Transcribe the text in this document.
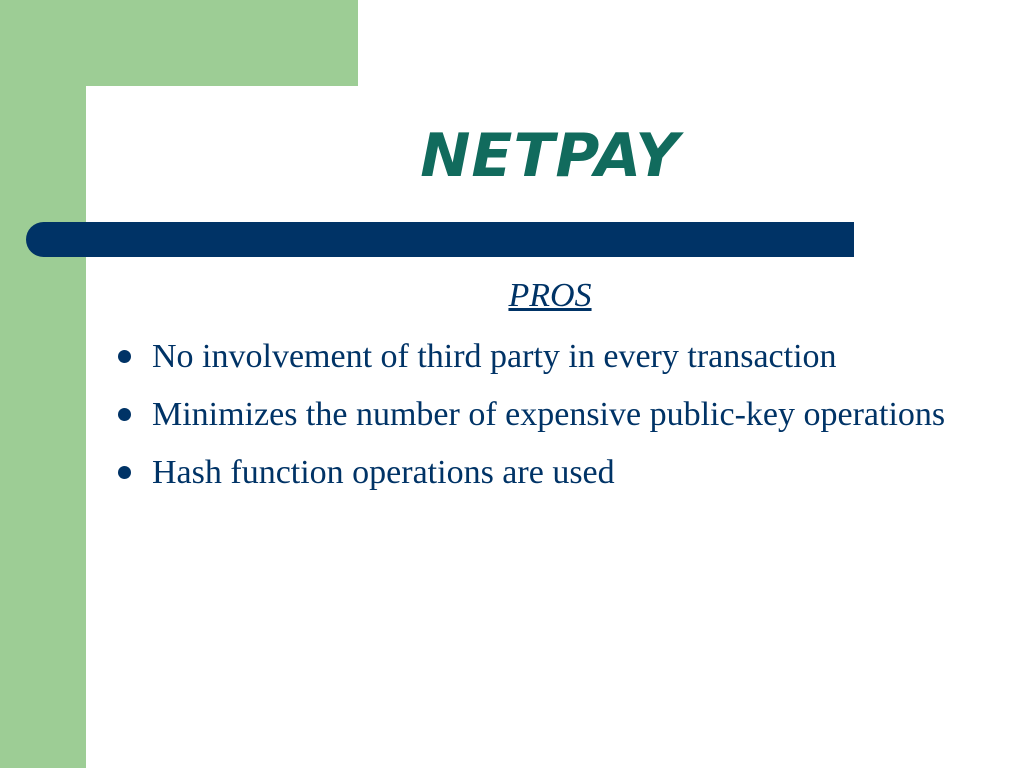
NETPAY
PROS
No involvement of third party in every transaction
Minimizes the number of expensive public-key operations
Hash function operations are used
